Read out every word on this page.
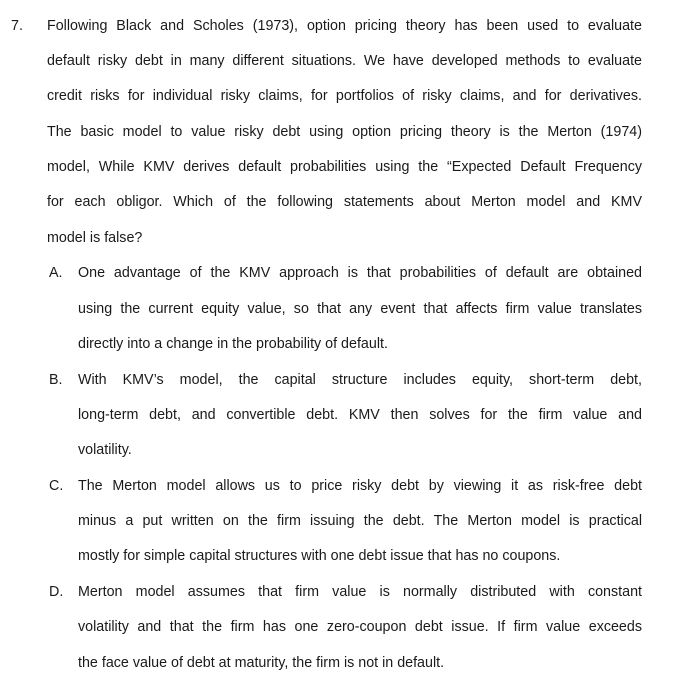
7. Following Black and Scholes (1973), option pricing theory has been used to evaluate
default risky debt in many different situations. We have developed methods to evaluate
credit risks for individual risky claims, for portfolios of risky claims, and for derivatives.
The basic model to value risky debt using option pricing theory is the Merton (1974)
model, While KMV derives default probabilities using the “Expected Default Frequency
for each obligor. Which of the following statements about Merton model and KMV
model is false?
A. One advantage of the KMV approach is that probabilities of default are obtained
using the current equity value, so that any event that affects firm value translates
directly into a change in the probability of default.
B. With KMV’s model, the capital structure includes equity, short-term debt,
long-term debt, and convertible debt. KMV then solves for the firm value and
volatility.
C. The Merton model allows us to price risky debt by viewing it as risk-free debt
minus a put written on the firm issuing the debt. The Merton model is practical
mostly for simple capital structures with one debt issue that has no coupons.
D. Merton model assumes that firm value is normally distributed with constant
volatility and that the firm has one zero-coupon debt issue. If firm value exceeds
the face value of debt at maturity, the firm is not in default.
